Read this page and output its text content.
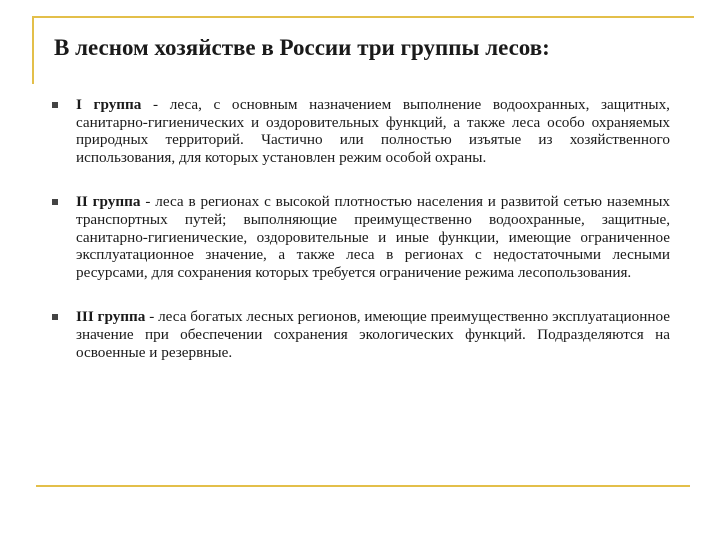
В лесном хозяйстве в России три группы лесов:
I группа - леса, с основным назначением выполнение водоохранных, защитных, санитарно-гигиенических и оздоровительных функций, а также леса особо охраняемых природных территорий. Частично или полностью изъятые из хозяйственного использования, для которых установлен режим особой охраны.
II группа - леса в регионах с высокой плотностью населения и развитой сетью наземных транспортных путей; выполняющие преимущественно водоохранные, защитные, санитарно-гигиенические, оздоровительные и иные функции, имеющие ограниченное эксплуатационное значение, а также леса в регионах с недостаточными лесными ресурсами, для сохранения которых требуется ограничение режима лесопользования.
III группа - леса богатых лесных регионов, имеющие преимущественно эксплуатационное значение при обеспечении сохранения экологических функций. Подразделяются на освоенные и резервные.
